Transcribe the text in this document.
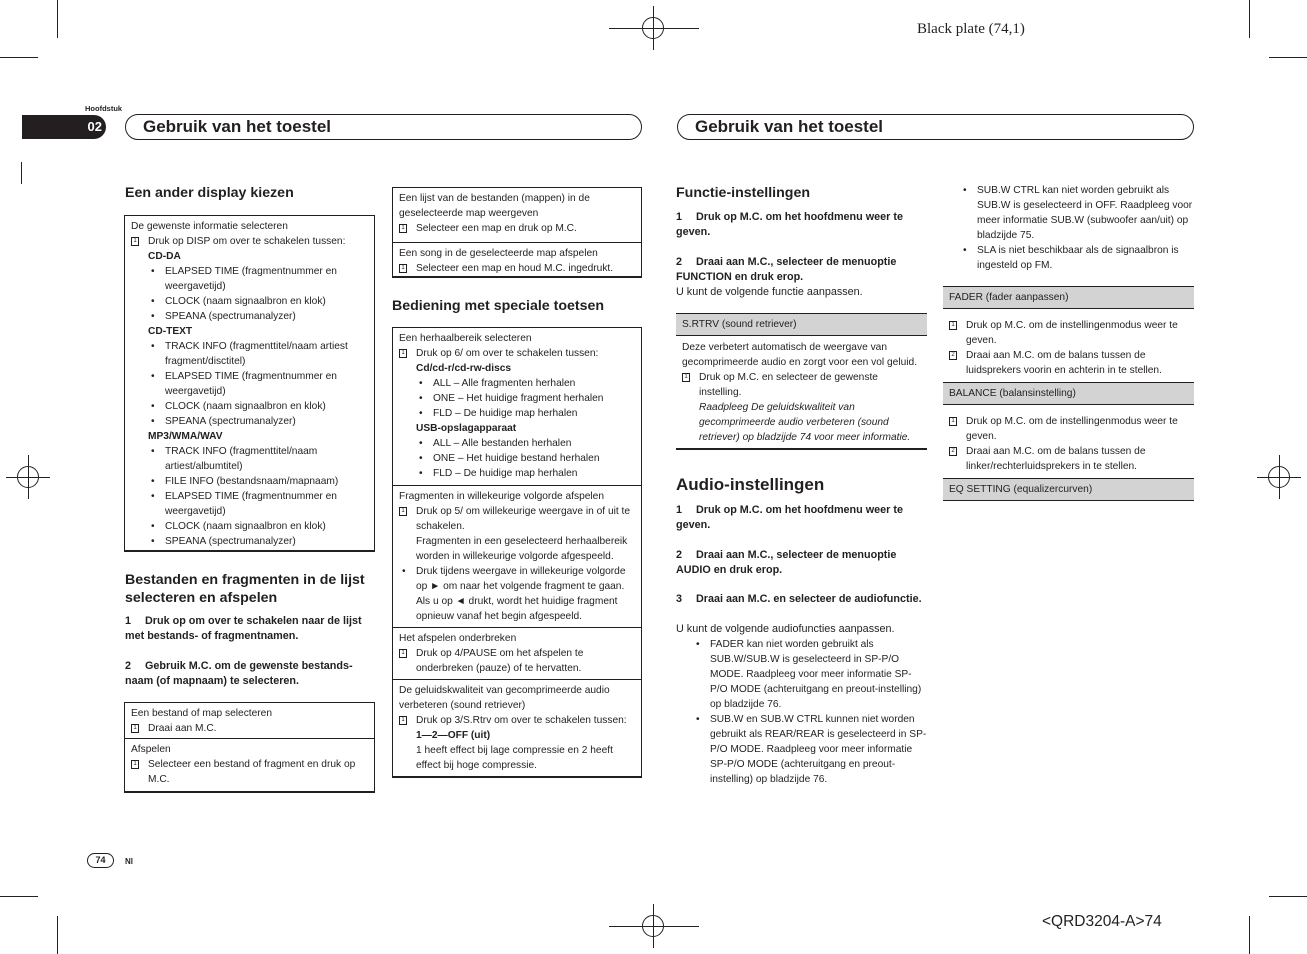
Black plate (74,1)
Hoofdstuk
02	Gebruik van het toestel	Gebruik van het toestel
Een ander display kiezen
De gewenste informatie selecteren
1 Druk op DISP om over te schakelen tussen:
CD-DA
• ELAPSED TIME (fragmentnummer en weergavetijd)
• CLOCK (naam signaalbron en klok)
• SPEANA (spectrumanalyzer)
CD-TEXT
• TRACK INFO (fragmenttitel/naam artiest fragment/disctitel)
• ELAPSED TIME (fragmentnummer en weergavetijd)
• CLOCK (naam signaalbron en klok)
• SPEANA (spectrumanalyzer)
MP3/WMA/WAV
• TRACK INFO (fragmenttitel/naam artiest/albumtitel)
• FILE INFO (bestandsnaam/mapnaam)
• ELAPSED TIME (fragmentnummer en weergavetijd)
• CLOCK (naam signaalbron en klok)
• SPEANA (spectrumanalyzer)
Bestanden en fragmenten in de lijst selecteren en afspelen
1 Druk op om over te schakelen naar de lijst met bestands- of fragmentnamen.
2 Gebruik M.C. om de gewenste bestands-naam (of mapnaam) te selecteren.
Een bestand of map selecteren
1 Draai aan M.C.
Afspelen
1 Selecteer een bestand of fragment en druk op M.C.
Een lijst van de bestanden (mappen) in de geselecteerde map weergeven
1 Selecteer een map en druk op M.C.
Een song in de geselecteerde map afspelen
1 Selecteer een map en houd M.C. ingedrukt.
Bediening met speciale toetsen
Een herhaalbereik selecteren
1 Druk op 6/ om over te schakelen tussen:
Cd/cd-r/cd-rw-discs
• ALL – Alle fragmenten herhalen
• ONE – Het huidige fragment herhalen
• FLD – De huidige map herhalen
USB-opslagapparaat
• ALL – Alle bestanden herhalen
• ONE – Het huidige bestand herhalen
• FLD – De huidige map herhalen
Fragmenten in willekeurige volgorde afspelen
1 Druk op 5/ om willekeurige weergave in of uit te schakelen.
Fragmenten in een geselecteerd herhaalbereik worden in willekeurige volgorde afgespeeld.
• Druk tijdens weergave in willekeurige volgorde op ► om naar het volgende fragment te gaan. Als u op ◄ drukt, wordt het huidige fragment opnieuw vanaf het begin afgespeeld.
Het afspelen onderbreken
1 Druk op 4/PAUSE om het afspelen te onderbreken (pauze) of te hervatten.
De geluidskwaliteit van gecomprimeerde audio verbeteren (sound retriever)
1 Druk op 3/S.Rtrv om over te schakelen tussen:
1—2—OFF (uit)
1 heeft effect bij lage compressie en 2 heeft effect bij hoge compressie.
Functie-instellingen
1 Druk op M.C. om het hoofdmenu weer te geven.
2 Draai aan M.C., selecteer de menuoptie FUNCTION en druk erop.
U kunt de volgende functie aanpassen.
S.RTRV (sound retriever)
Deze verbetert automatisch de weergave van gecomprimeerde audio en zorgt voor een vol geluid.
1 Druk op M.C. en selecteer de gewenste instelling.
Raadpleeg De geluidskwaliteit van gecomprimeerde audio verbeteren (sound retriever) op bladzijde 74 voor meer informatie.
Audio-instellingen
1 Druk op M.C. om het hoofdmenu weer te geven.
2 Draai aan M.C., selecteer de menuoptie AUDIO en druk erop.
3 Draai aan M.C. en selecteer de audiofunctie.
U kunt de volgende audiofuncties aanpassen.
• FADER kan niet worden gebruikt als SUB.W/SUB.W is geselecteerd in SP-P/O MODE. Raadpleeg voor meer informatie SP-P/O MODE (achteruitgang en preout-instelling) op bladzijde 76.
• SUB.W en SUB.W CTRL kunnen niet worden gebruikt als REAR/REAR is geselecteerd in SP-P/O MODE. Raadpleeg voor meer informatie SP-P/O MODE (achteruitgang en preout-instelling) op bladzijde 76.
• SUB.W CTRL kan niet worden gebruikt als SUB.W is geselecteerd in OFF. Raadpleeg voor meer informatie SUB.W (subwoofer aan/uit) op bladzijde 75.
• SLA is niet beschikbaar als de signaalbron is ingesteld op FM.
FADER (fader aanpassen)
1 Druk op M.C. om de instellingenmodus weer te geven.
2 Draai aan M.C. om de balans tussen de luidsprekers voorin en achterin in te stellen.
BALANCE (balansinstelling)
1 Druk op M.C. om de instellingenmodus weer te geven.
2 Draai aan M.C. om de balans tussen de linker/rechterluidsprekers in te stellen.
EQ SETTING (equalizercurven)
74	Nl
<QRD3204-A>74
